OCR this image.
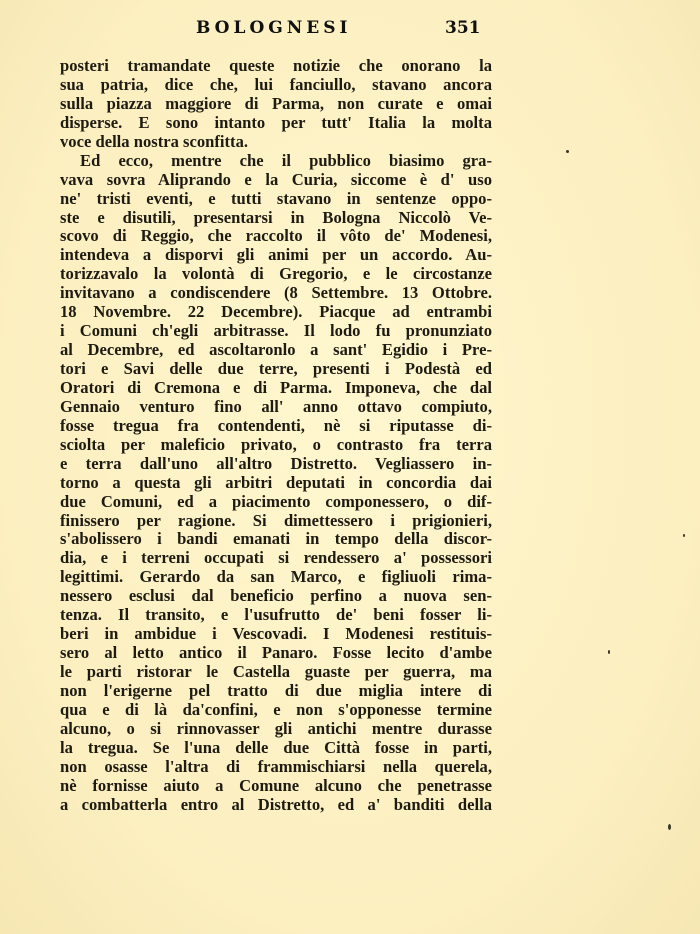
BOLOGNESI	351
posteri tramandate queste notizie che onorano la
sua patria, dice che, lui fanciullo, stavano ancora
sulla piazza maggiore di Parma, non curate e omai
disperse. E sono intanto per tutt' Italia la molta
voce della nostra sconfitta.
Ed ecco, mentre che il pubblico biasimo gra-
vava sovra Aliprando e la Curia, siccome è d' uso
ne' tristi eventi, e tutti stavano in sentenze oppo-
ste e disutili, presentarsi in Bologna Niccolò Ve-
scovo di Reggio, che raccolto il vôto de' Modenesi,
intendeva a disporvi gli animi per un accordo. Au-
torizzavalo la volontà di Gregorio, e le circostanze
invitavano a condiscendere (8 Settembre. 13 Ottobre.
18 Novembre. 22 Decembre). Piacque ad entrambi
i Comuni ch'egli arbitrasse. Il lodo fu pronunziato
al Decembre, ed ascoltaronlo a sant' Egidio i Pre-
tori e Savi delle due terre, presenti i Podestà ed
Oratori di Cremona e di Parma. Imponeva, che dal
Gennaio venturo fino all' anno ottavo compiuto,
fosse tregua fra contendenti, nè si riputasse di-
sciolta per maleficio privato, o contrasto fra terra
e terra dall'uno all'altro Distretto. Vegliassero in-
torno a questa gli arbitri deputati in concordia dai
due Comuni, ed a piacimento componessero, o dif-
finissero per ragione. Si dimettessero i prigionieri,
s'abolissero i bandi emanati in tempo della discor-
dia, e i terreni occupati si rendessero a' possessori
legittimi. Gerardo da san Marco, e figliuoli rima-
nessero esclusi dal beneficio perfino a nuova sen-
tenza. Il transito, e l'usufrutto de' beni fosser li-
beri in ambidue i Vescovadi. I Modenesi restituis-
sero al letto antico il Panaro. Fosse lecito d'ambe
le parti ristorar le Castella guaste per guerra, ma
non l'erigerne pel tratto di due miglia intere di
qua e di là da'confini, e non s'opponesse termine
alcuno, o si rinnovasser gli antichi mentre durasse
la tregua. Se l'una delle due Città fosse in parti,
non osasse l'altra di frammischiarsi nella querela,
nè fornisse aiuto a Comune alcuno che penetrasse
a combatterla entro al Distretto, ed a' banditi della
